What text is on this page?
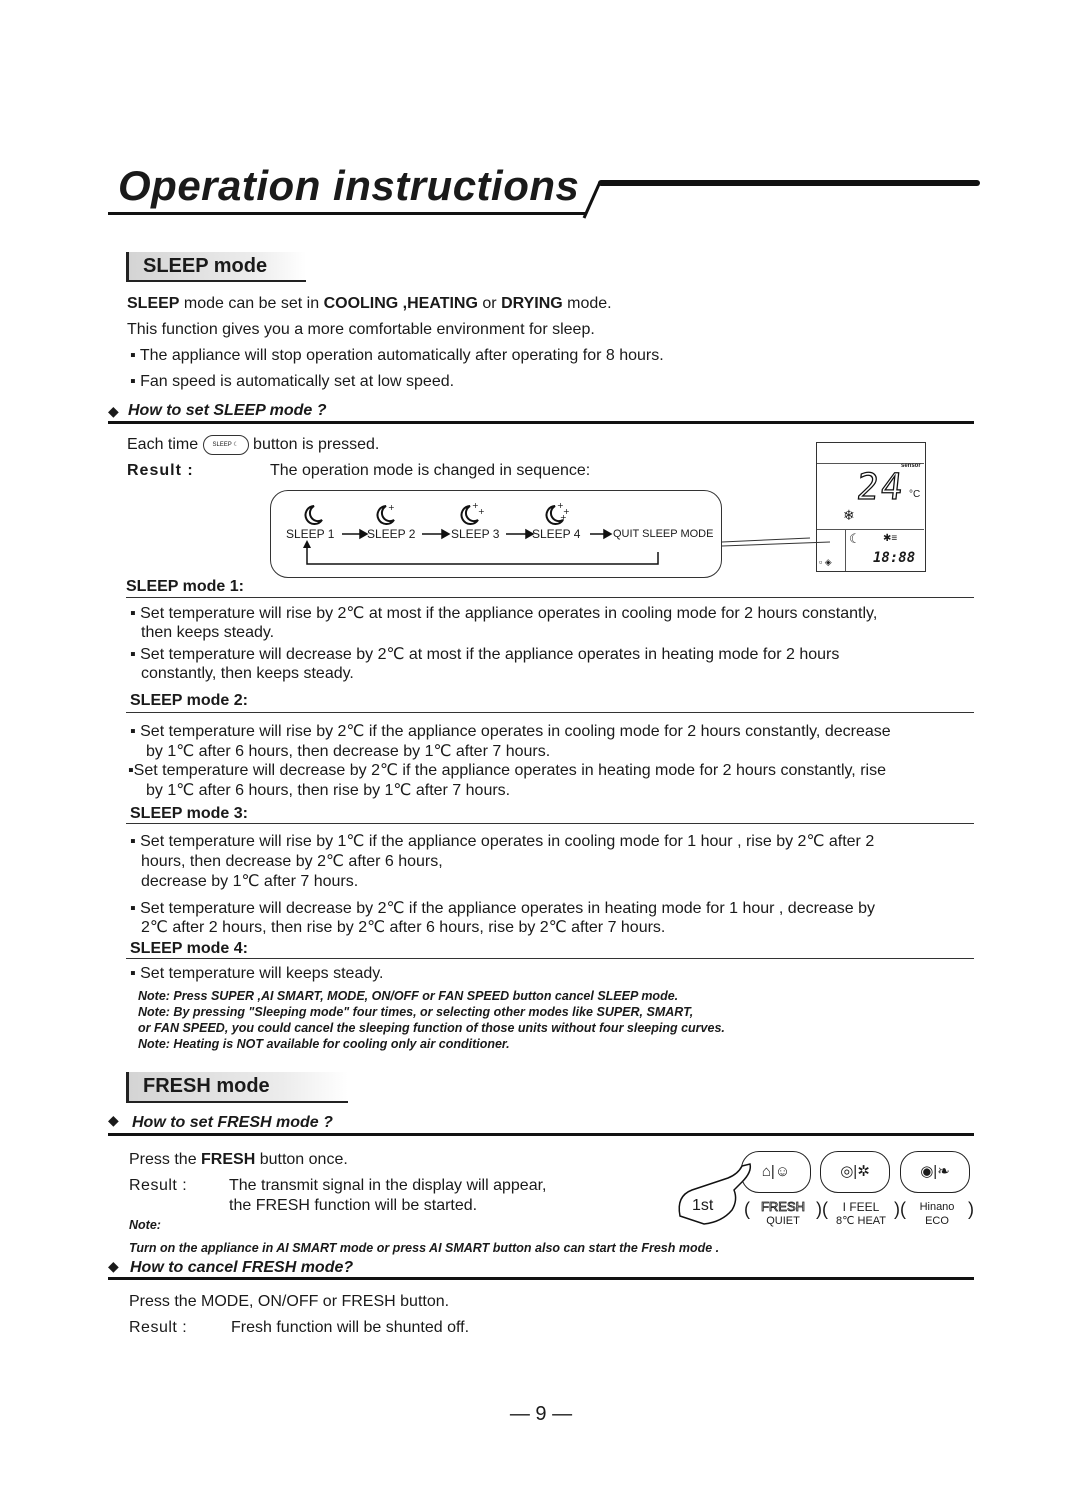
Operation instructions
SLEEP mode
SLEEP mode can be set in COOLING ,HEATING or DRYING mode.
This function gives you a more comfortable environment for sleep.
▪ The appliance will stop operation automatically after operating for 8 hours.
▪ Fan speed is automatically set at low speed.
◆ How to set SLEEP mode ?
Each time SLEEP ☾ button is pressed.
Result :	The operation mode is changed in sequence:
+	+
+
+
+
+
SLEEP 1	SLEEP 2	SLEEP 3	SLEEP 4	QUIT SLEEP MODE
sensor
24 °C
❄
☾ ✱≡
▫ ◈	18:88
SLEEP mode 1:
▪ Set temperature will rise by 2℃ at most if the appliance operates in cooling mode for 2 hours constantly,
then keeps steady.
▪ Set temperature will decrease by 2℃ at most if the appliance operates in heating mode for 2 hours
constantly, then keeps steady.
SLEEP mode 2:
▪ Set temperature will rise by 2℃ if the appliance operates in cooling mode for 2 hours constantly, decrease
by 1℃ after 6 hours, then decrease by 1℃ after 7 hours.
▪Set temperature will decrease by 2℃ if the appliance operates in heating mode for 2 hours constantly, rise
by 1℃ after 6 hours, then rise by 1℃ after 7 hours.
SLEEP mode 3:
▪ Set temperature will rise by 1℃ if the appliance operates in cooling mode for 1 hour , rise by 2℃ after 2
hours, then decrease by 2℃ after 6 hours,
decrease by 1℃ after 7 hours.
▪ Set temperature will decrease by 2℃ if the appliance operates in heating mode for 1 hour , decrease by
2℃ after 2 hours, then rise by 2℃ after 6 hours, rise by 2℃ after 7 hours.
SLEEP mode 4:
▪ Set temperature will keeps steady.
Note: Press SUPER ,AI SMART, MODE, ON/OFF or FAN SPEED button cancel SLEEP mode.
Note: By pressing "Sleeping mode" four times, or selecting other modes like SUPER, SMART,
or FAN SPEED, you could cancel the sleeping function of those units without four sleeping curves.
Note: Heating is NOT available for cooling only air conditioner.
FRESH mode
◆ How to set FRESH mode ?
Press the FRESH button once.
Result :	The transmit signal in the display will appear,
the FRESH function will be started.
Note:
Turn on the appliance in AI SMART mode or press AI SMART button also can start the Fresh mode .
⌂|☺	◎|✲	◉|❧
1st ( FRESH
QUIET
) (	I FEEL
8℃ HEAT
) (	Hinano
ECO
)
◆ How to cancel FRESH mode?
Press the MODE, ON/OFF or FRESH button.
Result :	Fresh function will be shunted off.
— 9 —
